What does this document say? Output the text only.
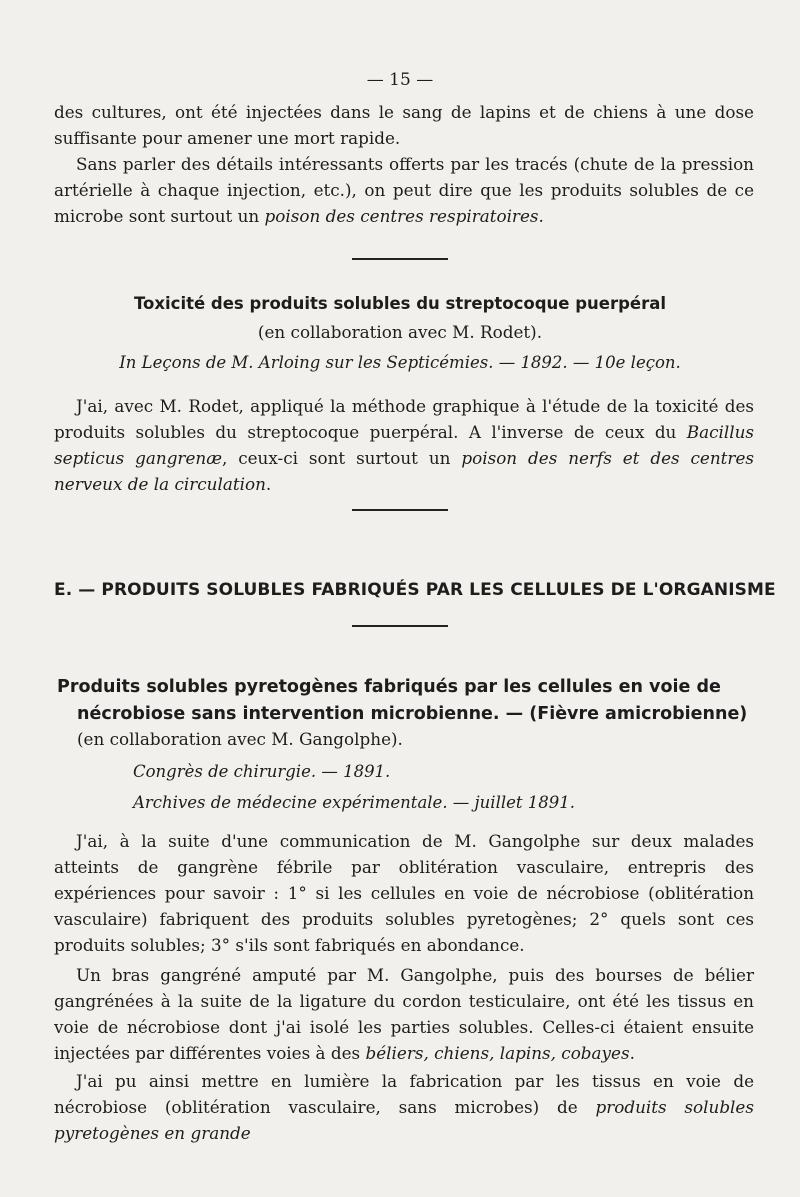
— 15 —

des cultures, ont été injectées dans le sang de lapins et de chiens à une dose suffisante pour amener une mort rapide.

Sans parler des détails intéressants offerts par les tracés (chute de la pression artérielle à chaque injection, etc.), on peut dire que les produits solubles de ce microbe sont surtout un poison des centres respiratoires.

Toxicité des produits solubles du streptocoque puerpéral
(en collaboration avec M. Rodet).
In Leçons de M. Arloing sur les Septicémies. — 1892. — 10e leçon.

J'ai, avec M. Rodet, appliqué la méthode graphique à l'étude de la toxicité des produits solubles du streptocoque puerpéral. A l'inverse de ceux du Bacillus septicus gangrenæ, ceux-ci sont surtout un poison des nerfs et des centres nerveux de la circulation.

E. — PRODUITS SOLUBLES FABRIQUÉS PAR LES CELLULES DE L'ORGANISME
Produits solubles pyretogènes fabriqués par les cellules en voie de
nécrobiose sans intervention microbienne. — (Fièvre amicrobienne)
(en collaboration avec M. Gangolphe).
Congrès de chirurgie. — 1891.
Archives de médecine expérimentale. — juillet 1891.

J'ai, à la suite d'une communication de M. Gangolphe sur deux malades atteints de gangrène fébrile par oblitération vasculaire, entrepris des expériences pour savoir : 1° si les cellules en voie de nécrobiose (oblitération vasculaire) fabriquent des produits solubles pyretogènes; 2° quels sont ces produits solubles; 3° s'ils sont fabriqués en abondance.

Un bras gangréné amputé par M. Gangolphe, puis des bourses de bélier gangrénées à la suite de la ligature du cordon testiculaire, ont été les tissus en voie de nécrobiose dont j'ai isolé les parties solubles. Celles-ci étaient ensuite injectées par différentes voies à des béliers, chiens, lapins, cobayes.

J'ai pu ainsi mettre en lumière la fabrication par les tissus en voie de nécrobiose (oblitération vasculaire, sans microbes) de produits solubles pyretogènes en grande
